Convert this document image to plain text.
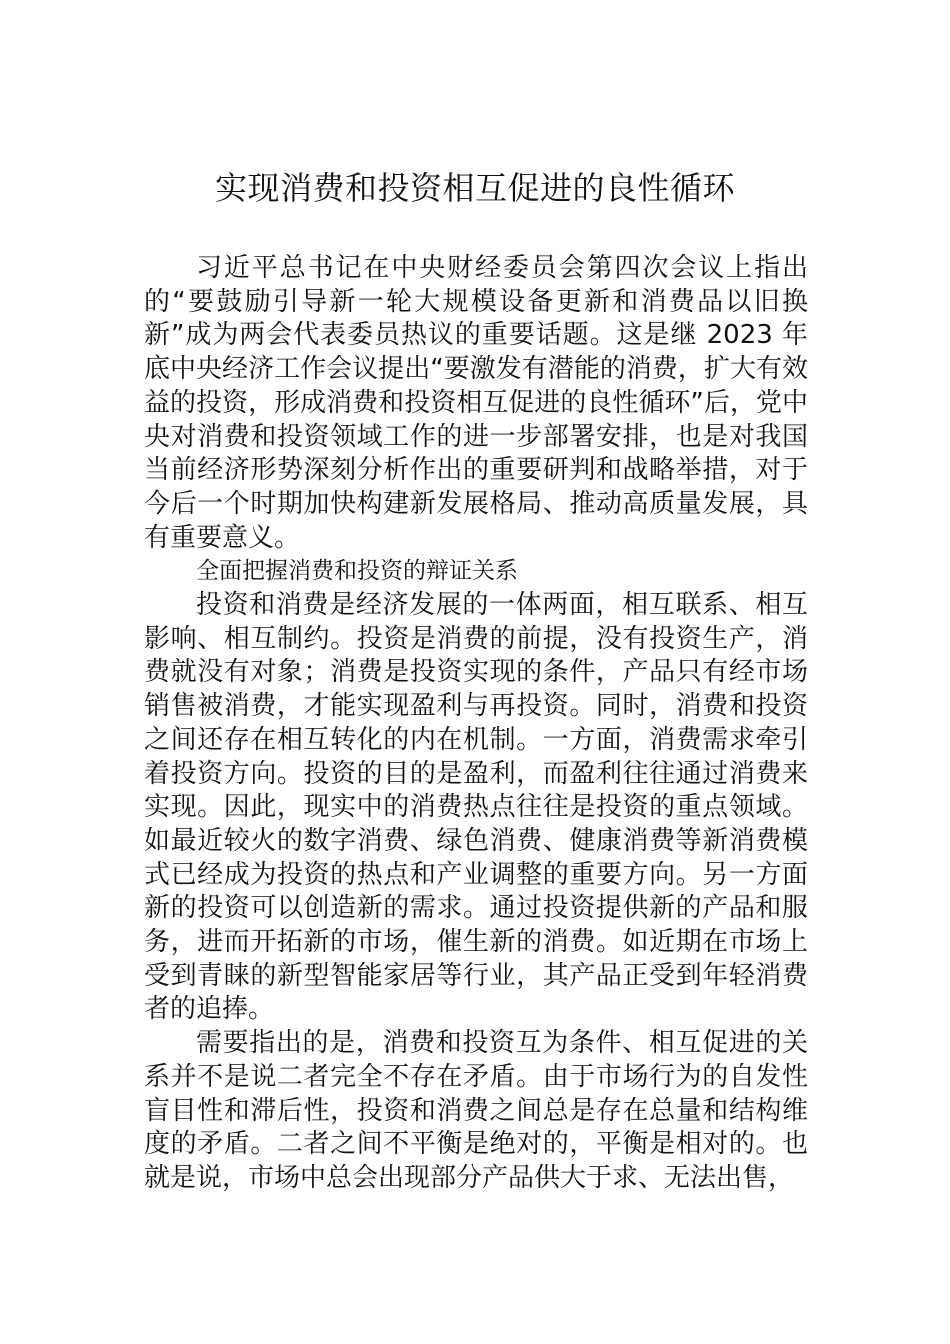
实现消费和投资相互促进的良性循环

习近平总书记在中央财经委员会第四次会议上指出的“要鼓励引导新一轮大规模设备更新和消费品以旧换新”成为两会代表委员热议的重要话题。这是继 2023 年底中央经济工作会议提出“要激发有潜能的消费，扩大有效益的投资，形成消费和投资相互促进的良性循环”后，党中央对消费和投资领域工作的进一步部署安排，也是对我国当前经济形势深刻分析作出的重要研判和战略举措，对于今后一个时期加快构建新发展格局、推动高质量发展，具有重要意义。

全面把握消费和投资的辩证关系

投资和消费是经济发展的一体两面，相互联系、相互影响、相互制约。投资是消费的前提，没有投资生产，消费就没有对象；消费是投资实现的条件，产品只有经市场销售被消费，才能实现盈利与再投资。同时，消费和投资之间还存在相互转化的内在机制。一方面，消费需求牵引着投资方向。投资的目的是盈利，而盈利往往通过消费来实现。因此，现实中的消费热点往往是投资的重点领域。如最近较火的数字消费、绿色消费、健康消费等新消费模式已经成为投资的热点和产业调整的重要方向。另一方面新的投资可以创造新的需求。通过投资提供新的产品和服务，进而开拓新的市场，催生新的消费。如近期在市场上受到青睐的新型智能家居等行业，其产品正受到年轻消费者的追捧。

需要指出的是，消费和投资互为条件、相互促进的关系并不是说二者完全不存在矛盾。由于市场行为的自发性盲目性和滞后性，投资和消费之间总是存在总量和结构维度的矛盾。二者之间不平衡是绝对的，平衡是相对的。也就是说，市场中总会出现部分产品供大于求、无法出售，
